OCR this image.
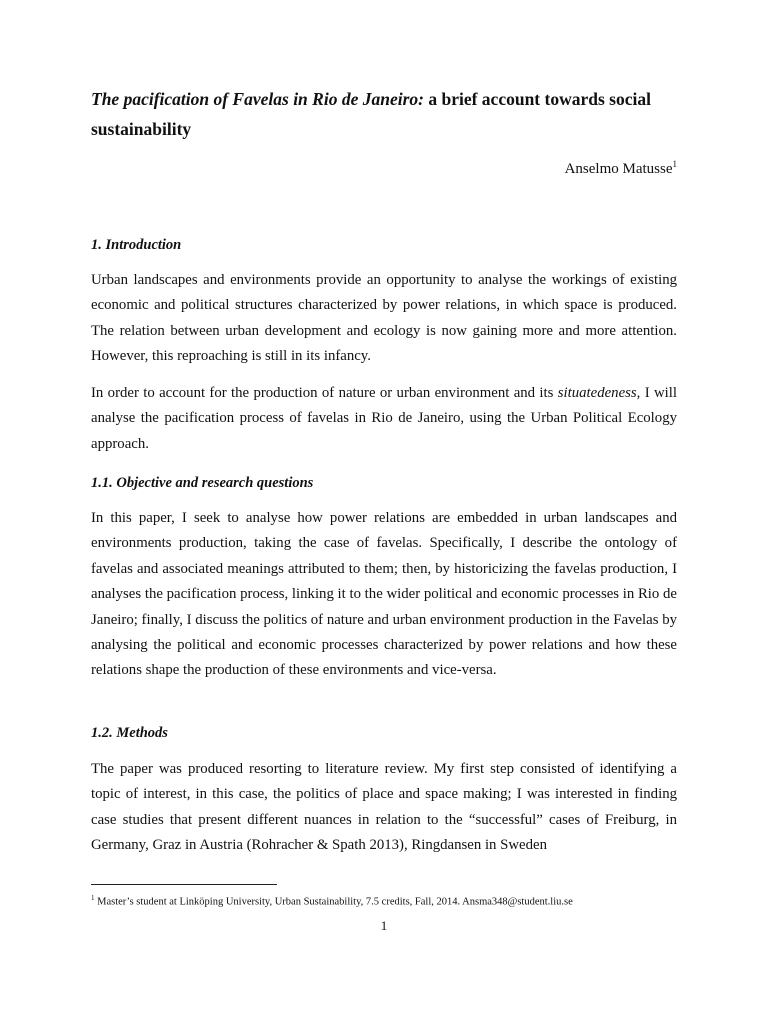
The pacification of Favelas in Rio de Janeiro: a brief account towards social sustainability
Anselmo Matusse$^1$
1. Introduction
Urban landscapes and environments provide an opportunity to analyse the workings of existing economic and political structures characterized by power relations, in which space is produced. The relation between urban development and ecology is now gaining more and more attention. However, this reproaching is still in its infancy.
In order to account for the production of nature or urban environment and its situatedeness, I will analyse the pacification process of favelas in Rio de Janeiro, using the Urban Political Ecology approach.
1.1. Objective and research questions
In this paper, I seek to analyse how power relations are embedded in urban landscapes and environments production, taking the case of favelas. Specifically, I describe the ontology of favelas and associated meanings attributed to them; then, by historicizing the favelas production, I analyses the pacification process, linking it to the wider political and economic processes in Rio de Janeiro; finally, I discuss the politics of nature and urban environment production in the Favelas by analysing the political and economic processes characterized by power relations and how these relations shape the production of these environments and vice-versa.
1.2. Methods
The paper was produced resorting to literature review. My first step consisted of identifying a topic of interest, in this case, the politics of place and space making; I was interested in finding case studies that present different nuances in relation to the “successful” cases of Freiburg, in Germany, Graz in Austria (Rohracher & Spath 2013), Ringdansen in Sweden
$^1$ Master’s student at Linköping University, Urban Sustainability, 7.5 credits, Fall, 2014. Ansma348@student.liu.se
1
